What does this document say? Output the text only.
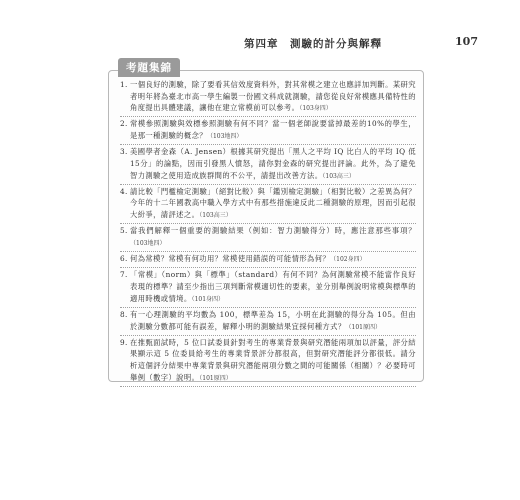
第四章　測驗的計分與解釋	107
考題集錦
1. 一個良好的測驗，除了要看其信效度資料外，對其常模之建立也應詳加判斷。某研究者明年將為臺北市高一學生編製一份國文科成就測驗，請您從良好常模應具備特性的角度提出具體建議，讓他在建立常模前可以參考。（103身四）
2. 常模參照測驗與效標參照測驗有何不同？當一個老師說要當掉最差的10%的學生，是那一種測驗的概念？（103地四）
3. 美國學者金森（A. Jensen）根據其研究提出「黑人之平均 IQ 比白人的平均 IQ 低 15分」的論點，因而引發黑人憤怒，請你對金森的研究提出評論。此外，為了避免智力測驗之使用造成族群間的不公平，請提出改善方法。（103高三）
4. 請比較「門檻檢定測驗」（絕對比較）與「鑑別檢定測驗」（相對比較）之差異為何？今年的十二年國教高中職入學方式中有那些措施違反此二種測驗的原理，因而引起很大紛爭，請評述之。（103高三）
5. 當我們解釋一個重要的測驗結果（例如：智力測驗得分）時，應注意那些事項？（103地四）
6. 何為常模？常模有何功用？常模使用錯誤的可能情形為何？（102身四）
7. 「常模」（norm）與「標準」（standard）有何不同？為何測驗常模不能當作良好表現的標準？請至少指出三項判斷常模適切性的要素，並分別舉例說明常模與標準的適用時機或情境。（101身四）
8. 有一心理測驗的平均數為 100，標準差為 15，小明在此測驗的得分為 105。但由於測驗分數都可能有誤差，解釋小明的測驗結果宜採何種方式？（101原四）
9. 在推甄面試時，5 位口試委員針對考生的專業背景與研究潛能兩項加以評量，評分結果顯示這 5 位委員給考生的專業背景評分都很高，但對研究潛能評分都很低。請分析這個評分結果中專業背景與研究潛能兩項分數之間的可能關係（相關）？必要時可舉例（數字）說明。（101原四）
